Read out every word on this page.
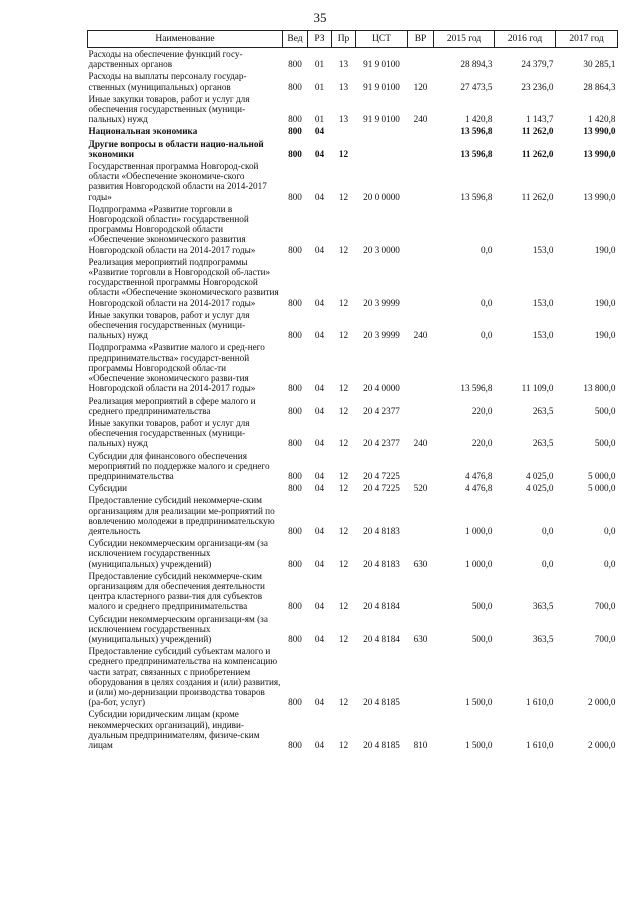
35
Наименование	Вед	РЗ	Пр	ЦСТ	ВР	2015 год	2016 год	2017 год
Расходы на обеспечение функций госу-дарственных органов	800	01	13	91 9 0100		28 894,3	24 379,7	30 285,1
Расходы на выплаты персоналу государ-ственных (муниципальных) органов	800	01	13	91 9 0100	120	27 473,5	23 236,0	28 864,3
Иные закупки товаров, работ и услуг для обеспечения государственных (муници-пальных) нужд	800	01	13	91 9 0100	240	1 420,8	1 143,7	1 420,8
Национальная экономика	800	04				13 596,8	11 262,0	13 990,0
Другие вопросы в области нацио-нальной экономики	800	04	12			13 596,8	11 262,0	13 990,0
Государственная программа Новгород-ской области «Обеспечение экономиче-ского развития Новгородской области на 2014-2017 годы»	800	04	12	20 0 0000		13 596,8	11 262,0	13 990,0
Подпрограмма «Развитие торговли в Новгородской области» государственной программы Новгородской области «Обеспечение экономического развития Новгородской области на 2014-2017 годы»	800	04	12	20 3 0000		0,0	153,0	190,0
Реализация мероприятий подпрограммы «Развитие торговли в Новгородской об-ласти» государственной программы Новгородской области «Обеспечение экономического развития Новгородской области на 2014-2017 годы»	800	04	12	20 3 9999		0,0	153,0	190,0
Иные закупки товаров, работ и услуг для обеспечения государственных (муници-пальных) нужд	800	04	12	20 3 9999	240	0,0	153,0	190,0
Подпрограмма «Развитие малого и сред-него предпринимательства» государст-венной программы Новгородской облас-ти «Обеспечение экономического разви-тия Новгородской области на 2014-2017 годы»	800	04	12	20 4 0000		13 596,8	11 109,0	13 800,0
Реализация мероприятий в сфере малого и среднего предпринимательства	800	04	12	20 4 2377		220,0	263,5	500,0
Иные закупки товаров, работ и услуг для обеспечения государственных (муници-пальных) нужд	800	04	12	20 4 2377	240	220,0	263,5	500,0
Субсидии для финансового обеспечения мероприятий по поддержке малого и среднего предпринимательства	800	04	12	20 4 7225		4 476,8	4 025,0	5 000,0
Субсидии	800	04	12	20 4 7225	520	4 476,8	4 025,0	5 000,0
Предоставление субсидий некоммерче-ским организациям для реализации ме-роприятий по вовлечению молодежи в предпринимательскую деятельность	800	04	12	20 4 8183		1 000,0	0,0	0,0
Субсидии некоммерческим организаци-ям (за исключением государственных (муниципальных) учреждений)	800	04	12	20 4 8183	630	1 000,0	0,0	0,0
Предоставление субсидий некоммерче-ским организациям для обеспечения деятельности центра кластерного разви-тия для субъектов малого и среднего предпринимательства	800	04	12	20 4 8184		500,0	363,5	700,0
Субсидии некоммерческим организаци-ям (за исключением государственных (муниципальных) учреждений)	800	04	12	20 4 8184	630	500,0	363,5	700,0
Предоставление субсидий субъектам малого и среднего предпринимательства на компенсацию части затрат, связанных с приобретением оборудования в целях создания и (или) развития, и (или) мо-дернизации производства товаров (ра-бот, услуг)	800	04	12	20 4 8185		1 500,0	1 610,0	2 000,0
Субсидии юридическим лицам (кроме некоммерческих организаций), индиви-дуальным предпринимателям, физиче-ским лицам	800	04	12	20 4 8185	810	1 500,0	1 610,0	2 000,0
